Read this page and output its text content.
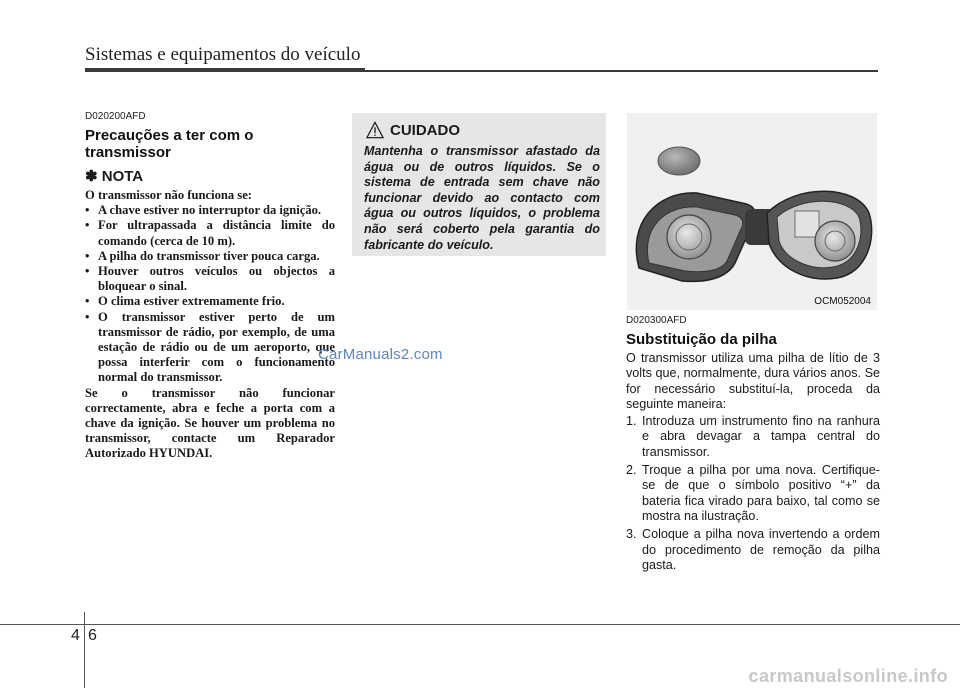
Sistemas e equipamentos do veículo
D020200AFD
Precauções a ter com o transmissor
✽ NOTA

O transmissor não funciona se:

• A chave estiver no interruptor da ignição.
• For ultrapassada a distância limite do comando (cerca de 10 m).
• A pilha do transmissor tiver pouca carga.
• Houver outros veículos ou objectos a bloquear o sinal.
• O clima estiver extremamente frio.
• O transmissor estiver perto de um transmissor de rádio, por exemplo, de uma estação de rádio ou de um aeroporto, que possa interferir com o funcionamento normal do transmissor.

Se o transmissor não funcionar correctamente, abra e feche a porta com a chave da ignição. Se houver um problema no transmissor, contacte um Reparador Autorizado HYUNDAI.

CUIDADO
Mantenha o transmissor afastado da água ou de outros líquidos. Se o sistema de entrada sem chave não funcionar devido ao contacto com água ou outros líquidos, o problema não será coberto pela garantia do fabricante do veículo.
OCM052004
D020300AFD
Substituição da pilha

O transmissor utiliza uma pilha de lítio de 3 volts que, normalmente, dura vários anos. Se for necessário substituí-la, proceda da seguinte maneira:

1. Introduza um instrumento fino na ranhura e abra devagar a tampa central do transmissor.
2. Troque a pilha por uma nova. Certifique-se de que o símbolo positivo “+” da bateria fica virado para baixo, tal como se mostra na ilustração.
3. Coloque a pilha nova invertendo a ordem do procedimento de remoção da pilha gasta.
CarManuals2.com
4 6
carmanualsonline.info
